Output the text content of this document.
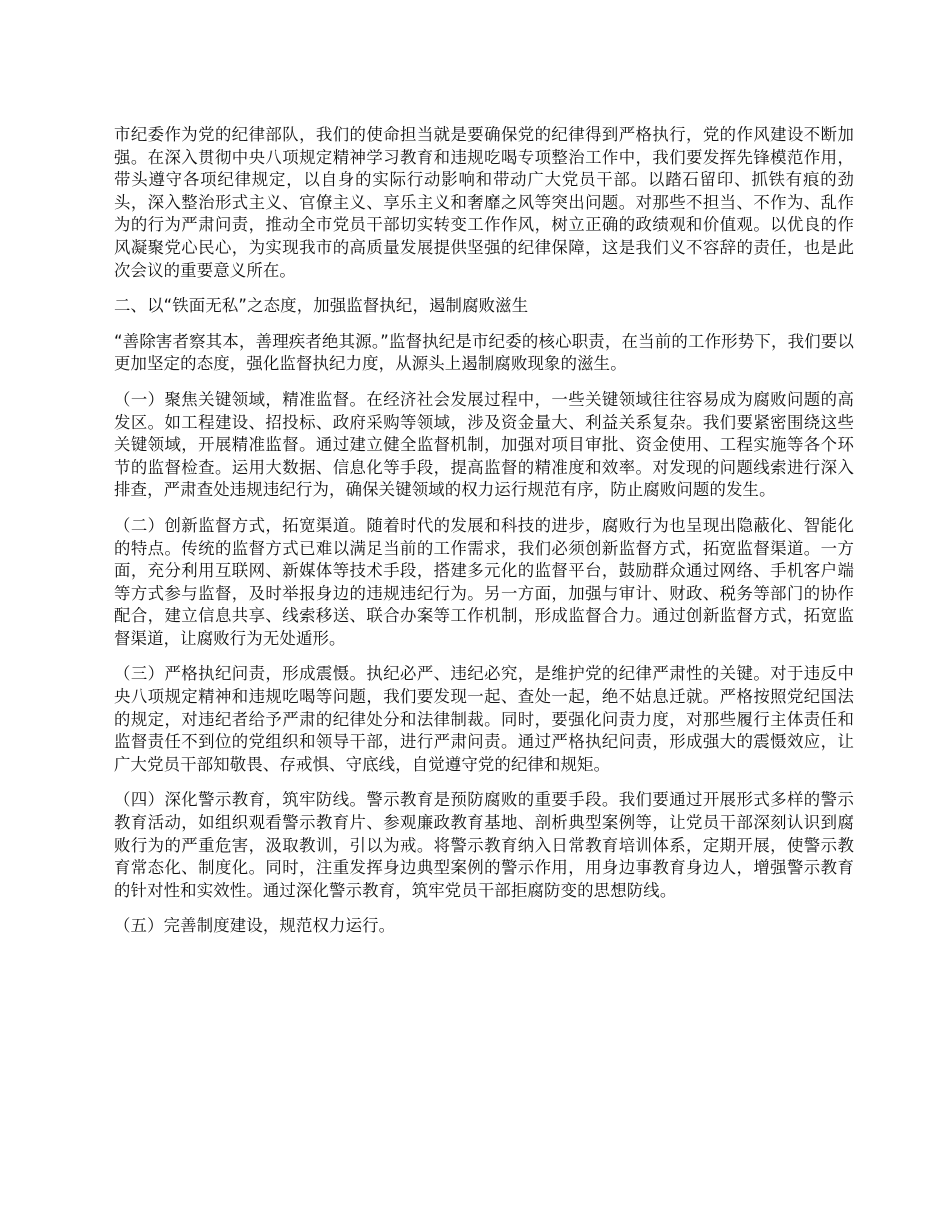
市纪委作为党的纪律部队，我们的使命担当就是要确保党的纪律得到严格执行，党的作风建设不断加强。在深入贯彻中央八项规定精神学习教育和违规吃喝专项整治工作中，我们要发挥先锋模范作用，带头遵守各项纪律规定，以自身的实际行动影响和带动广大党员干部。以踏石留印、抓铁有痕的劲头，深入整治形式主义、官僚主义、享乐主义和奢靡之风等突出问题。对那些不担当、不作为、乱作为的行为严肃问责，推动全市党员干部切实转变工作作风，树立正确的政绩观和价值观。以优良的作风凝聚党心民心，为实现我市的高质量发展提供坚强的纪律保障，这是我们义不容辞的责任，也是此次会议的重要意义所在。

二、以“铁面无私”之态度，加强监督执纪，遏制腐败滋生

“善除害者察其本，善理疾者绝其源。”监督执纪是市纪委的核心职责，在当前的工作形势下，我们要以更加坚定的态度，强化监督执纪力度，从源头上遏制腐败现象的滋生。

（一）聚焦关键领域，精准监督。在经济社会发展过程中，一些关键领域往往容易成为腐败问题的高发区。如工程建设、招投标、政府采购等领域，涉及资金量大、利益关系复杂。我们要紧密围绕这些关键领域，开展精准监督。通过建立健全监督机制，加强对项目审批、资金使用、工程实施等各个环节的监督检查。运用大数据、信息化等手段，提高监督的精准度和效率。对发现的问题线索进行深入排查，严肃查处违规违纪行为，确保关键领域的权力运行规范有序，防止腐败问题的发生。

（二）创新监督方式，拓宽渠道。随着时代的发展和科技的进步，腐败行为也呈现出隐蔽化、智能化的特点。传统的监督方式已难以满足当前的工作需求，我们必须创新监督方式，拓宽监督渠道。一方面，充分利用互联网、新媒体等技术手段，搭建多元化的监督平台，鼓励群众通过网络、手机客户端等方式参与监督，及时举报身边的违规违纪行为。另一方面，加强与审计、财政、税务等部门的协作配合，建立信息共享、线索移送、联合办案等工作机制，形成监督合力。通过创新监督方式，拓宽监督渠道，让腐败行为无处遁形。

（三）严格执纪问责，形成震慑。执纪必严、违纪必究，是维护党的纪律严肃性的关键。对于违反中央八项规定精神和违规吃喝等问题，我们要发现一起、查处一起，绝不姑息迁就。严格按照党纪国法的规定，对违纪者给予严肃的纪律处分和法律制裁。同时，要强化问责力度，对那些履行主体责任和监督责任不到位的党组织和领导干部，进行严肃问责。通过严格执纪问责，形成强大的震慑效应，让广大党员干部知敬畏、存戒惧、守底线，自觉遵守党的纪律和规矩。

（四）深化警示教育，筑牢防线。警示教育是预防腐败的重要手段。我们要通过开展形式多样的警示教育活动，如组织观看警示教育片、参观廉政教育基地、剖析典型案例等，让党员干部深刻认识到腐败行为的严重危害，汲取教训，引以为戒。将警示教育纳入日常教育培训体系，定期开展，使警示教育常态化、制度化。同时，注重发挥身边典型案例的警示作用，用身边事教育身边人，增强警示教育的针对性和实效性。通过深化警示教育，筑牢党员干部拒腐防变的思想防线。

（五）完善制度建设，规范权力运行。
